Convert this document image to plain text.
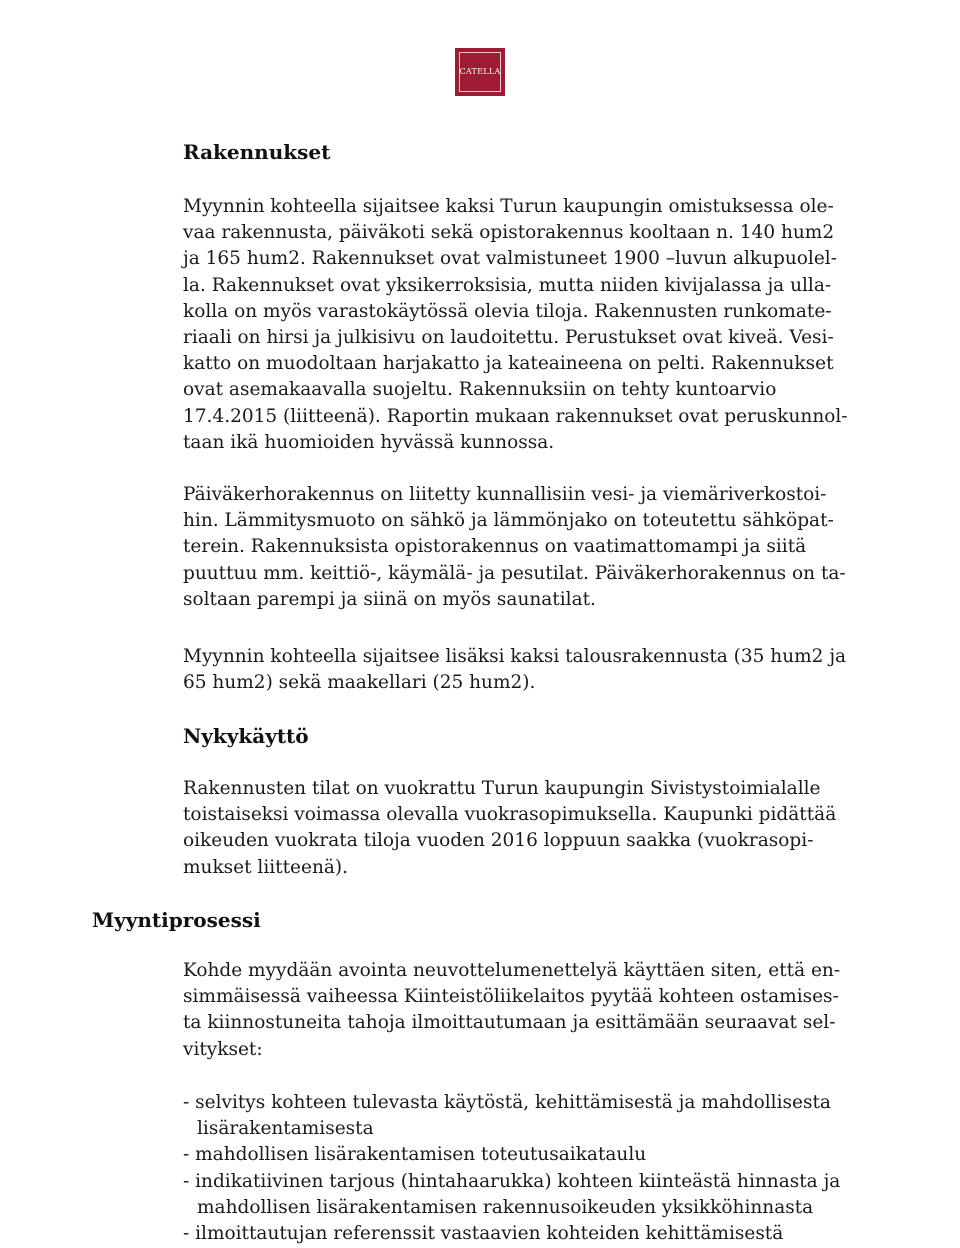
CATELLA
Rakennukset
Myynnin kohteella sijaitsee kaksi Turun kaupungin omistuksessa ole-
vaa rakennusta, päiväkoti sekä opistorakennus kooltaan n. 140 hum2
ja 165 hum2. Rakennukset ovat valmistuneet 1900 –luvun alkupuolel-
la. Rakennukset ovat yksikerroksisia, mutta niiden kivijalassa ja ulla-
kolla on myös varastokäytössä olevia tiloja. Rakennusten runkomate-
riaali on hirsi ja julkisivu on laudoitettu. Perustukset ovat kiveä. Vesi-
katto on muodoltaan harjakatto ja kateaineena on pelti. Rakennukset
ovat asemakaavalla suojeltu. Rakennuksiin on tehty kuntoarvio
17.4.2015 (liitteenä). Raportin mukaan rakennukset ovat peruskunnol-
taan ikä huomioiden hyvässä kunnossa.
Päiväkerhorakennus on liitetty kunnallisiin vesi- ja viemäriverkostoi-
hin. Lämmitysmuoto on sähkö ja lämmönjako on toteutettu sähköpat-
terein. Rakennuksista opistorakennus on vaatimattomampi ja siitä
puuttuu mm. keittiö-, käymälä- ja pesutilat. Päiväkerhorakennus on ta-
soltaan parempi ja siinä on myös saunatilat.
Myynnin kohteella sijaitsee lisäksi kaksi talousrakennusta (35 hum2 ja
65 hum2) sekä maakellari (25 hum2).
Nykykäyttö
Rakennusten tilat on vuokrattu Turun kaupungin Sivistystoimialalle
toistaiseksi voimassa olevalla vuokrasopimuksella. Kaupunki pidättää
oikeuden vuokrata tiloja vuoden 2016 loppuun saakka (vuokrasopi-
mukset liitteenä).
Myyntiprosessi
Kohde myydään avointa neuvottelumenettelyä käyttäen siten, että en-
simmäisessä vaiheessa Kiinteistöliikelaitos pyytää kohteen ostamises-
ta kiinnostuneita tahoja ilmoittautumaan ja esittämään seuraavat sel-
vitykset:
- selvitys kohteen tulevasta käytöstä, kehittämisestä ja mahdollisesta
lisärakentamisesta
- mahdollisen lisärakentamisen toteutusaikataulu
- indikatiivinen tarjous (hintahaarukka) kohteen kiinteästä hinnasta ja
mahdollisen lisärakentamisen rakennusoikeuden yksikköhinnasta
- ilmoittautujan referenssit vastaavien kohteiden kehittämisestä
